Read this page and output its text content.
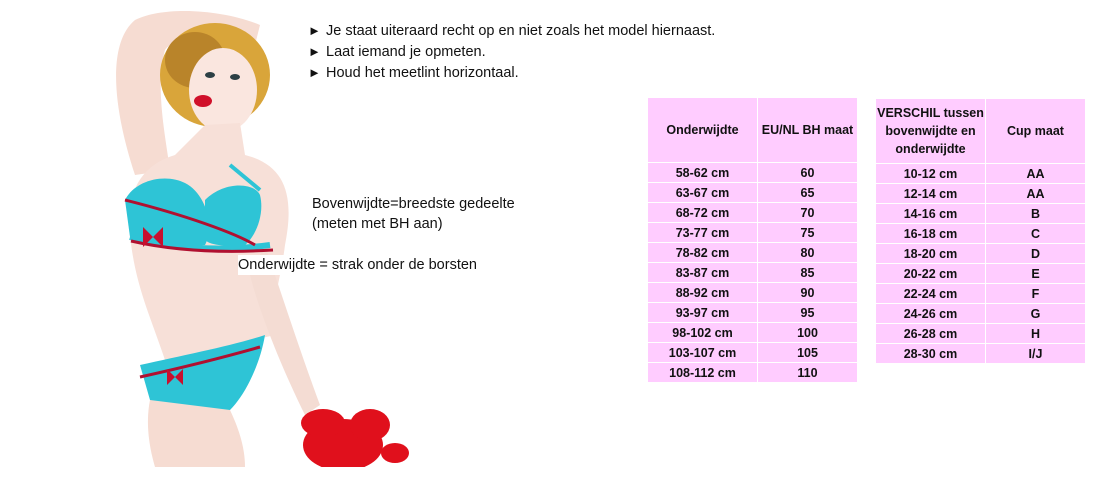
► Je staat uiteraard recht op en niet zoals het model hiernaast.
► Laat iemand je opmeten.
► Houd het meetlint horizontaal.
Bovenwijdte=breedste gedeelte
(meten met BH aan)
Onderwijdte = strak onder de borsten
Onderwijdte	EU/NL BH maat
58-62 cm	60
63-67 cm	65
68-72 cm	70
73-77 cm	75
78-82 cm	80
83-87 cm	85
88-92 cm	90
93-97 cm	95
98-102 cm	100
103-107 cm	105
108-112 cm	110
VERSCHIL tussen bovenwijdte en onderwijdte	Cup maat
10-12 cm	AA
12-14 cm	AA
14-16 cm	B
16-18 cm	C
18-20 cm	D
20-22 cm	E
22-24 cm	F
24-26 cm	G
26-28 cm	H
28-30 cm	I/J
